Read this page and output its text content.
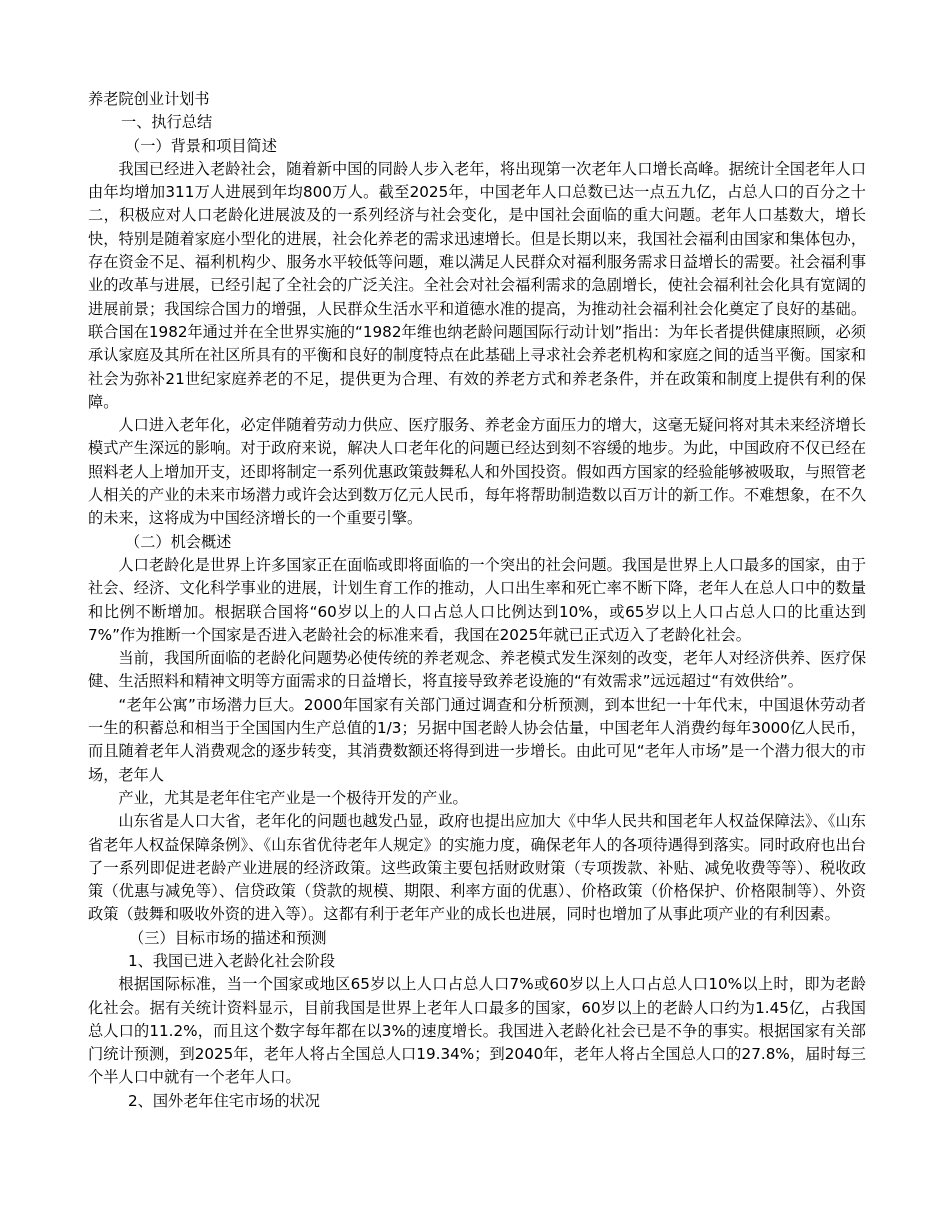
养老院创业计划书
一、执行总结
（一）背景和项目简述

我国已经进入老龄社会，随着新中国的同龄人步入老年，将出现第一次老年人口增长高峰。据统计全国老年人口由年均增加311万人进展到年均800万人。截至2025年，中国老年人口总数已达一点五九亿，占总人口的百分之十二，积极应对人口老龄化进展波及的一系列经济与社会变化，是中国社会面临的重大问题。老年人口基数大，增长快，特别是随着家庭小型化的进展，社会化养老的需求迅速增长。但是长期以来，我国社会福利由国家和集体包办，存在资金不足、福利机构少、服务水平较低等问题，难以满足人民群众对福利服务需求日益增长的需要。社会福利事业的改革与进展，已经引起了全社会的广泛关注。全社会对社会福利需求的急剧增长，使社会福利社会化具有宽阔的进展前景；我国综合国力的增强，人民群众生活水平和道德水准的提高，为推动社会福利社会化奠定了良好的基础。联合国在1982年通过并在全世界实施的“1982年维也纳老龄问题国际行动计划”指出：为年长者提供健康照顾，必须承认家庭及其所在社区所具有的平衡和良好的制度特点在此基础上寻求社会养老机构和家庭之间的适当平衡。国家和社会为弥补21世纪家庭养老的不足，提供更为合理、有效的养老方式和养老条件，并在政策和制度上提供有利的保障。

人口进入老年化，必定伴随着劳动力供应、医疗服务、养老金方面压力的增大，这毫无疑问将对其未来经济增长模式产生深远的影响。对于政府来说，解决人口老年化的问题已经达到刻不容缓的地步。为此，中国政府不仅已经在照料老人上增加开支，还即将制定一系列优惠政策鼓舞私人和外国投资。假如西方国家的经验能够被吸取，与照管老人相关的产业的未来市场潜力或许会达到数万亿元人民币，每年将帮助制造数以百万计的新工作。不难想象，在不久的未来，这将成为中国经济增长的一个重要引擎。

（二）机会概述

人口老龄化是世界上许多国家正在面临或即将面临的一个突出的社会问题。我国是世界上人口最多的国家，由于社会、经济、文化科学事业的进展，计划生育工作的推动，人口出生率和死亡率不断下降，老年人在总人口中的数量和比例不断增加。根据联合国将“60岁以上的人口占总人口比例达到10%，或65岁以上人口占总人口的比重达到7%”作为推断一个国家是否进入老龄社会的标准来看，我国在2025年就已正式迈入了老龄化社会。

当前，我国所面临的老龄化问题势必使传统的养老观念、养老模式发生深刻的改变，老年人对经济供养、医疗保健、生活照料和精神文明等方面需求的日益增长，将直接导致养老设施的“有效需求”远远超过“有效供给”。

“老年公寓”市场潜力巨大。2000年国家有关部门通过调查和分析预测，到本世纪一十年代末，中国退休劳动者一生的积蓄总和相当于全国国内生产总值的1/3；另据中国老龄人协会估量，中国老年人消费约每年3000亿人民币，而且随着老年人消费观念的逐步转变，其消费数额还将得到进一步增长。由此可见“老年人市场”是一个潜力很大的市场，老年人

产业，尤其是老年住宅产业是一个极待开发的产业。

山东省是人口大省，老年化的问题也越发凸显，政府也提出应加大《中华人民共和国老年人权益保障法》、《山东省老年人权益保障条例》、《山东省优待老年人规定》的实施力度，确保老年人的各项待遇得到落实。同时政府也出台了一系列即促进老龄产业进展的经济政策。这些政策主要包括财政财策（专项拨款、补贴、减免收费等等）、税收政策（优惠与减免等）、信贷政策（贷款的规模、期限、利率方面的优惠）、价格政策（价格保护、价格限制等）、外资政策（鼓舞和吸收外资的进入等）。这都有利于老年产业的成长也进展，同时也增加了从事此项产业的有利因素。

（三）目标市场的描述和预测
1、我国已进入老龄化社会阶段

根据国际标准，当一个国家或地区65岁以上人口占总人口7%或60岁以上人口占总人口10%以上时，即为老龄化社会。据有关统计资料显示，目前我国是世界上老年人口最多的国家，60岁以上的老龄人口约为1.45亿，占我国总人口的11.2%，而且这个数字每年都在以3%的速度增长。我国进入老龄化社会已是不争的事实。根据国家有关部门统计预测，到2025年，老年人将占全国总人口19.34%；到2040年，老年人将占全国总人口的27.8%，届时每三个半人口中就有一个老年人口。

2、国外老年住宅市场的状况
